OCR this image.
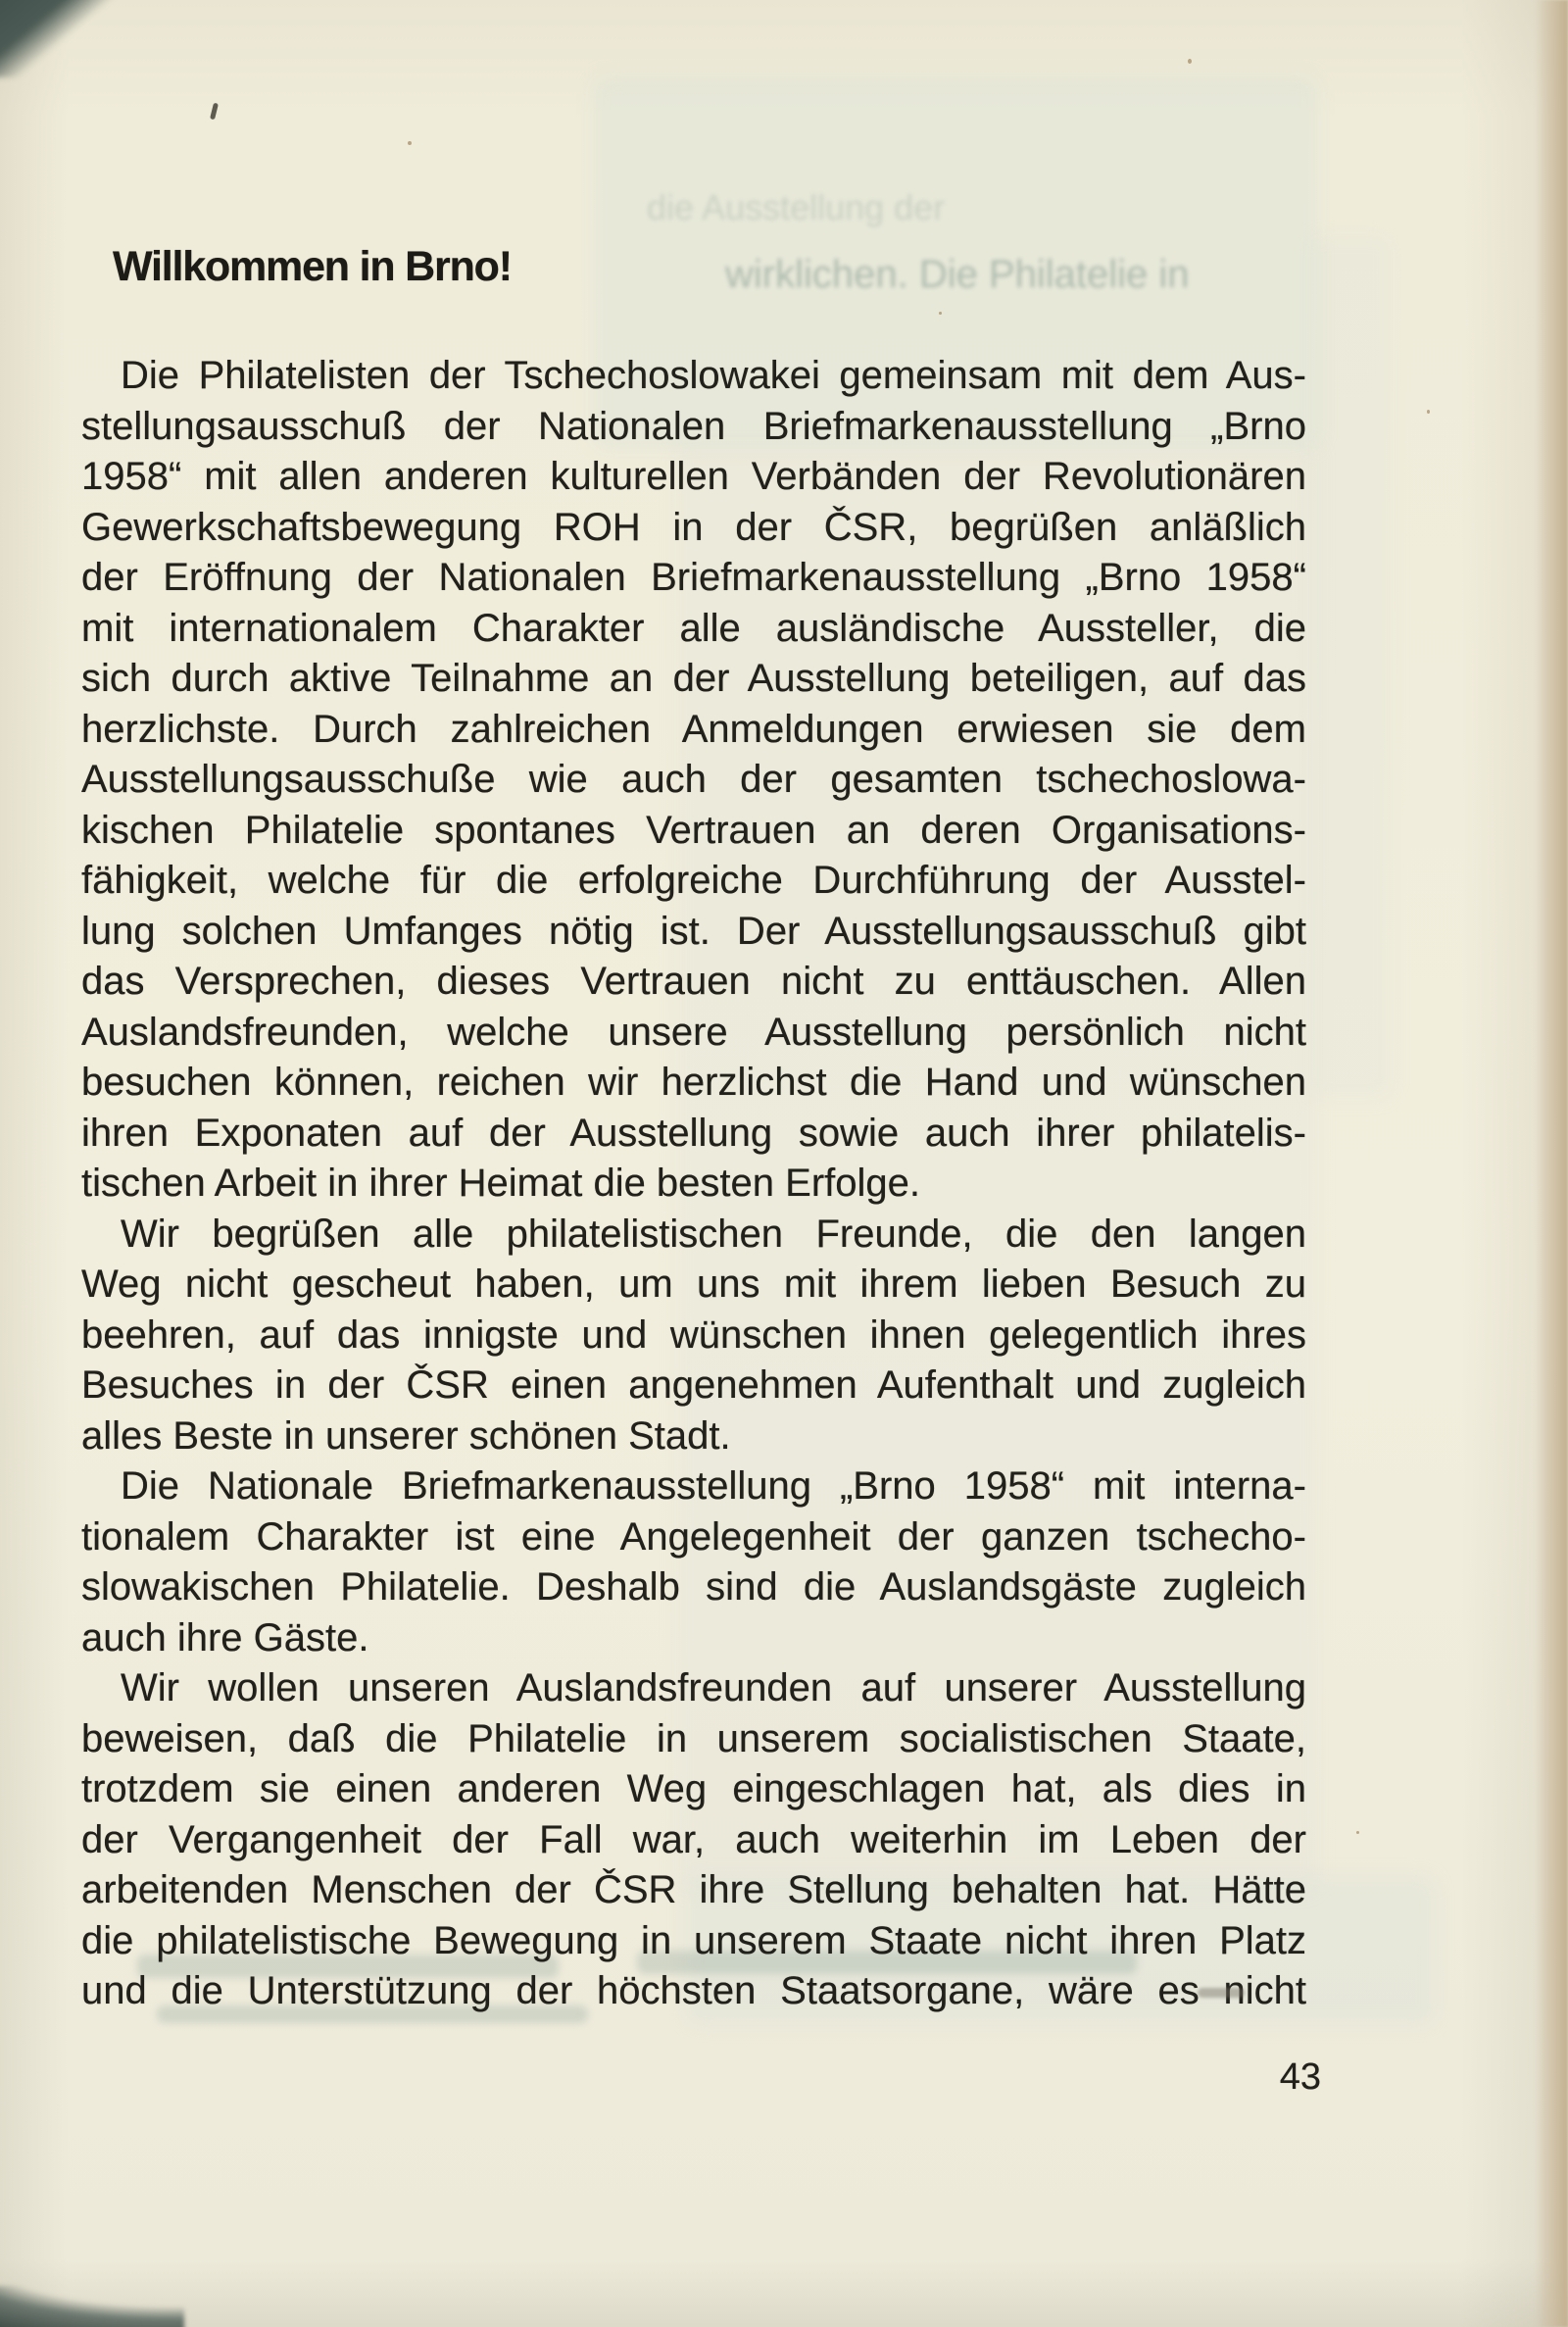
die Ausstellung der
wirklichen. Die Philatelie in
Willkommen in Brno!
Die Philatelisten der Tschechoslowakei gemeinsam mit dem Aus-
stellungsausschuß der Nationalen Briefmarkenausstellung „Brno
1958“ mit allen anderen kulturellen Verbänden der Revolutionären
Gewerkschaftsbewegung ROH in der ČSR, begrüßen anläßlich
der Eröffnung der Nationalen Briefmarkenausstellung „Brno 1958“
mit internationalem Charakter alle ausländische Aussteller, die
sich durch aktive Teilnahme an der Ausstellung beteiligen, auf das
herzlichste. Durch zahlreichen Anmeldungen erwiesen sie dem
Ausstellungsausschuße wie auch der gesamten tschechoslowa-
kischen Philatelie spontanes Vertrauen an deren Organisations-
fähigkeit, welche für die erfolgreiche Durchführung der Ausstel-
lung solchen Umfanges nötig ist. Der Ausstellungsausschuß gibt
das Versprechen, dieses Vertrauen nicht zu enttäuschen. Allen
Auslandsfreunden, welche unsere Ausstellung persönlich nicht
besuchen können, reichen wir herzlichst die Hand und wünschen
ihren Exponaten auf der Ausstellung sowie auch ihrer philatelis-
tischen Arbeit in ihrer Heimat die besten Erfolge.
Wir begrüßen alle philatelistischen Freunde, die den langen
Weg nicht gescheut haben, um uns mit ihrem lieben Besuch zu
beehren, auf das innigste und wünschen ihnen gelegentlich ihres
Besuches in der ČSR einen angenehmen Aufenthalt und zugleich
alles Beste in unserer schönen Stadt.
Die Nationale Briefmarkenausstellung „Brno 1958“ mit interna-
tionalem Charakter ist eine Angelegenheit der ganzen tschecho-
slowakischen Philatelie. Deshalb sind die Auslandsgäste zugleich
auch ihre Gäste.
Wir wollen unseren Auslandsfreunden auf unserer Ausstellung
beweisen, daß die Philatelie in unserem socialistischen Staate,
trotzdem sie einen anderen Weg eingeschlagen hat, als dies in
der Vergangenheit der Fall war, auch weiterhin im Leben der
arbeitenden Menschen der ČSR ihre Stellung behalten hat. Hätte
die philatelistische Bewegung in unserem Staate nicht ihren Platz
und die Unterstützung der höchsten Staatsorgane, wäre es nicht
43
